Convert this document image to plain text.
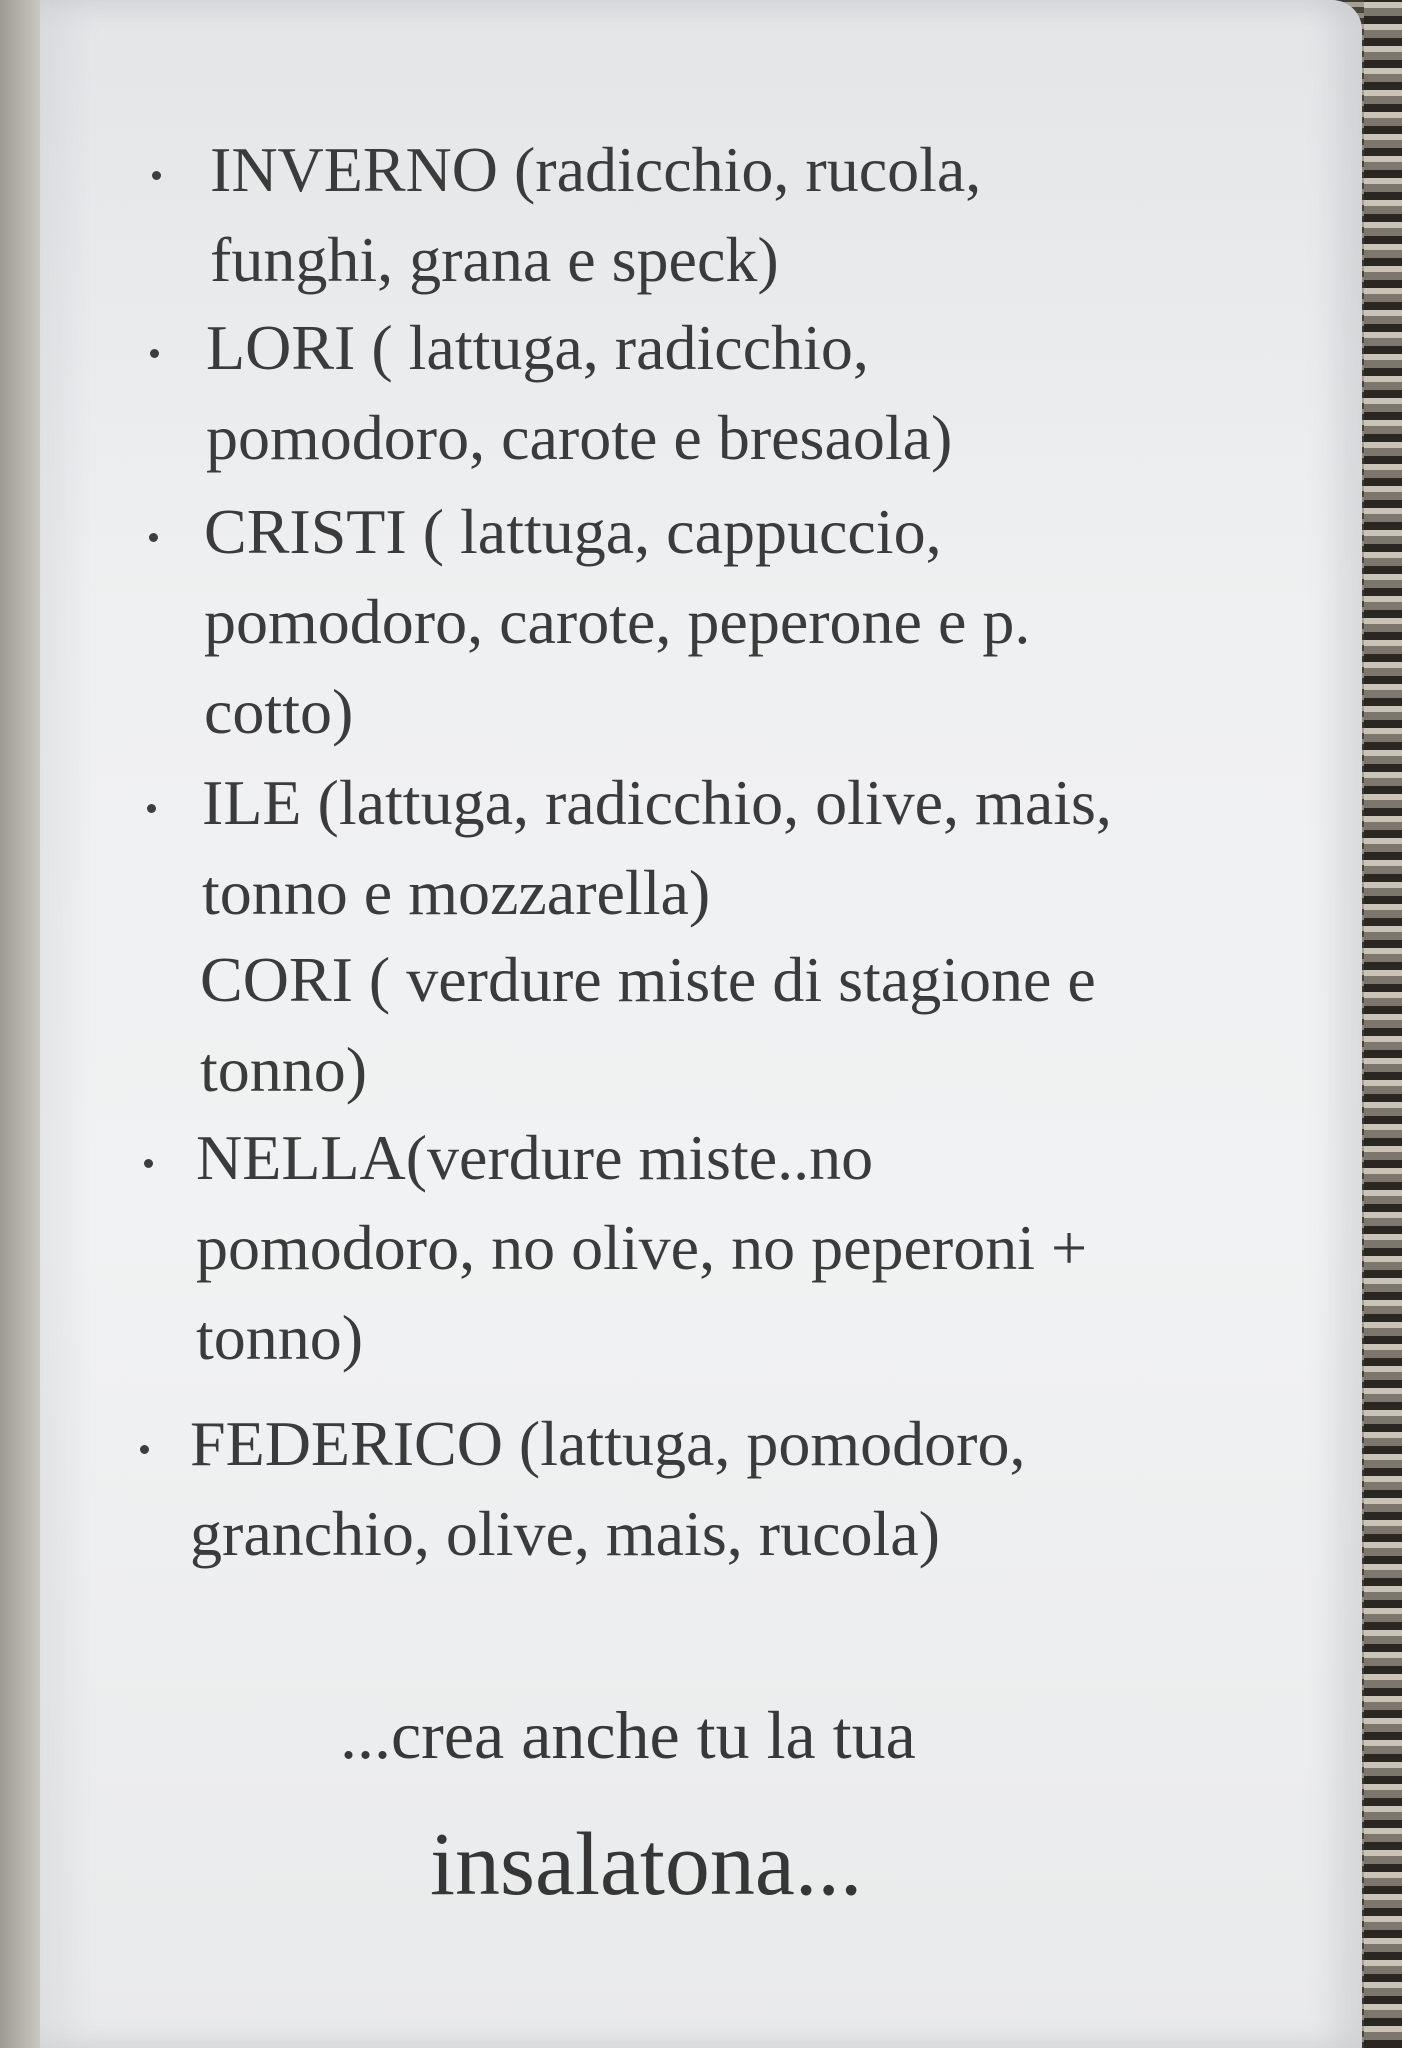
INVERNO (radicchio, rucola,
funghi, grana e speck)
LORI ( lattuga, radicchio,
pomodoro, carote e bresaola)
CRISTI ( lattuga, cappuccio,
pomodoro, carote, peperone e p.
cotto)
ILE (lattuga, radicchio, olive, mais,
tonno e mozzarella)
CORI ( verdure miste di stagione e
tonno)
NELLA(verdure miste..no
pomodoro, no olive, no peperoni +
tonno)
FEDERICO (lattuga, pomodoro,
granchio, olive, mais, rucola)
...crea anche tu la tua
insalatona...
